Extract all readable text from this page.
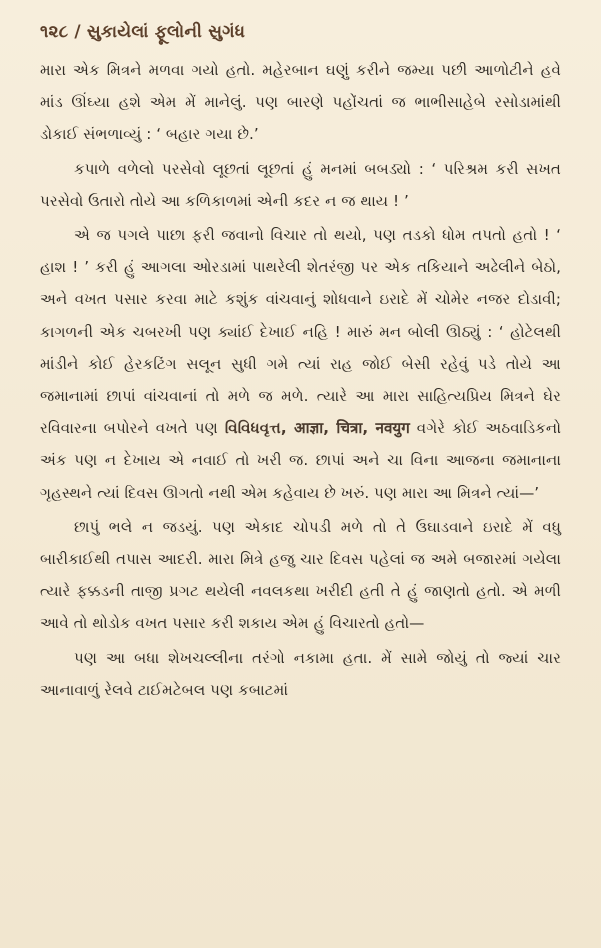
૧૨૮ / સુકાયેલાં ફૂલોની સુગંધ

મારા એક મિત્રને મળવા ગયો હતો. મહેરબાન ઘણું કરીને જમ્યા પછી આળોટીને હવે માંડ ઊંઘ્યા હશે એમ મેં માનેલું. પણ બારણે પહોંચતાં જ ભાભીસાહેબે રસોડામાંથી ડોકાઈ સંભળાવ્યું : ‘ બહાર ગયા છે.’

કપાળે વળેલો પરસેવો લૂછતાં લૂછતાં હું મનમાં બબડ્યો : ‘ પરિશ્રમ કરી સખત પરસેવો ઉતારો તોયે આ કળિકાળમાં એની કદર ન જ થાય ! ’

એ જ પગલે પાછા ફરી જવાનો વિચાર તો થયો, પણ તડકો ધોમ તપતો હતો ! ‘ હાશ ! ’ કરી હું આગલા ઓરડામાં પાથરેલી શેતરંજી પર એક તકિયાને અઢેલીને બેઠો, અને વખત પસાર કરવા માટે કશુંક વાંચવાનું શોધવાને ઇરાદે મેં ચોમેર નજર દોડાવી; કાગળની એક ચબરખી પણ ક્યાંઈ દેખાઈ નહિ ! મારું મન બોલી ઊઠ્યું : ‘ હોટેલથી માંડીને કોઈ હેરકટિંગ સલૂન સુધી ગમે ત્યાં રાહ જોઈ બેસી રહેવું પડે તોયે આ જમાનામાં છાપાં વાંચવાનાં તો મળે જ મળે. ત્યારે આ મારા સાહિત્યપ્રિય મિત્રને ઘેર રવિવારના બપોરને વખતે પણ વિવિધવૃત્ત, आज्ञा, चित्रा, नवयुग વગેરે કોઈ અઠવાડિકનો અંક પણ ન દેખાય એ નવાઈ તો ખરી જ. છાપાં અને ચા વિના આજના જમાનાના ગૃહસ્થને ત્યાં દિવસ ઊગતો નથી એમ કહેવાય છે ખરું. પણ મારા આ મિત્રને ત્યાં—’

છાપું ભલે ન જડયું. પણ એકાદ ચોપડી મળે તો તે ઉઘાડવાને ઇરાદે મેં વધુ બારીકાઈથી તપાસ આદરી. મારા મિત્રે હજુ ચાર દિવસ પહેલાં જ અમે બજારમાં ગયેલા ત્યારે ફક્કડની તાજી પ્રગટ થયેલી નવલકથા ખરીદી હતી તે હું જાણતો હતો. એ મળી આવે તો થોડોક વખત પસાર કરી શકાય એમ હું વિચારતો હતો—

પણ આ બધા શેખચલ્લીના તરંગો નકામા હતા. મેં સામે જોયું તો જ્યાં ચાર આનાવાળું રેલવે ટાઈમટેબલ પણ કબાટમાં
